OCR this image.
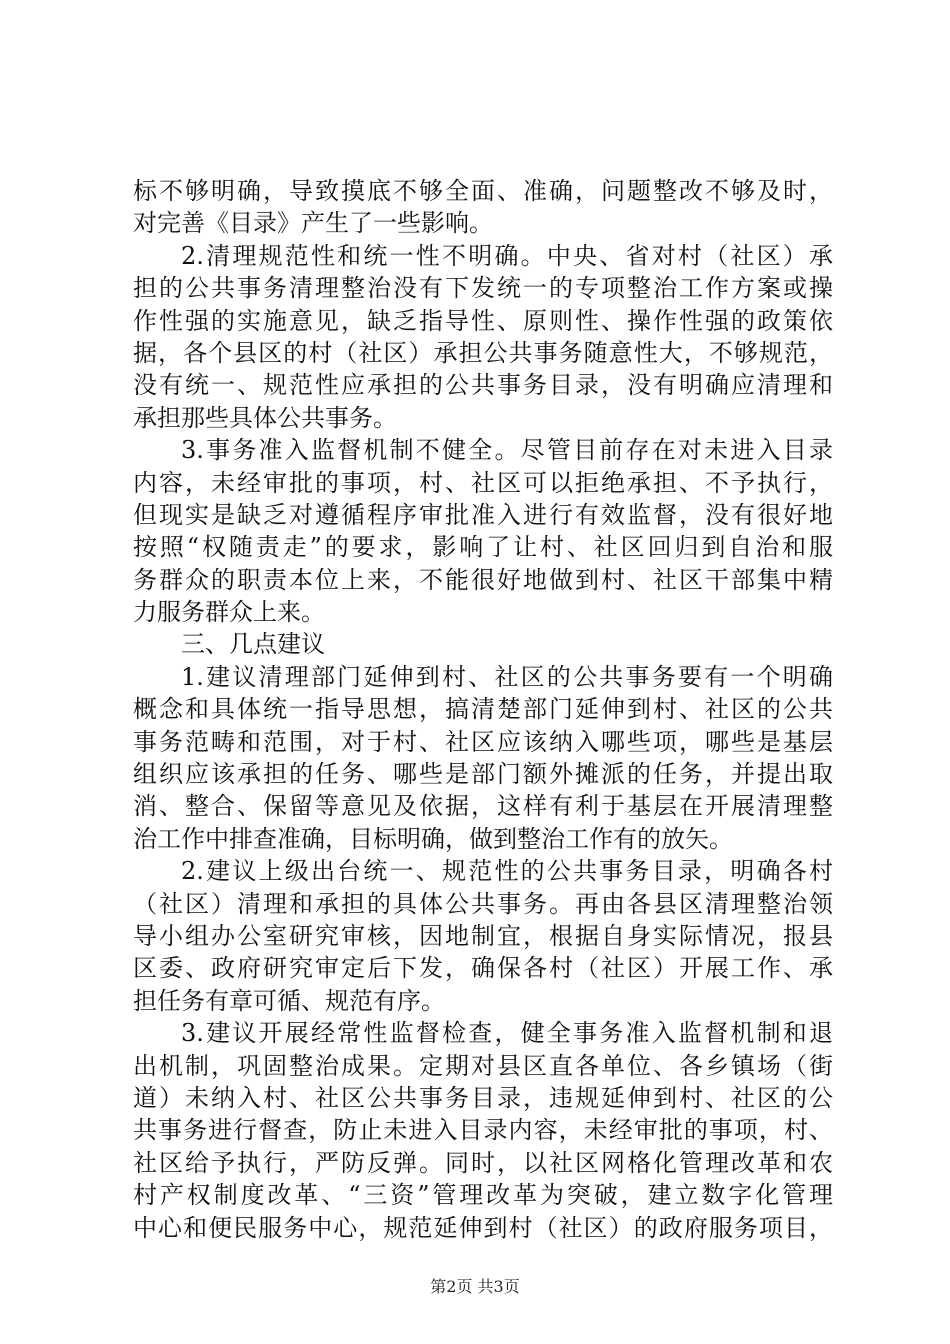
标不够明确，导致摸底不够全面、准确，问题整改不够及时，
对完善《目录》产生了一些影响。
2.清理规范性和统一性不明确。中央、省对村（社区）承
担的公共事务清理整治没有下发统一的专项整治工作方案或操
作性强的实施意见，缺乏指导性、原则性、操作性强的政策依
据，各个县区的村（社区）承担公共事务随意性大，不够规范，
没有统一、规范性应承担的公共事务目录，没有明确应清理和
承担那些具体公共事务。
3.事务准入监督机制不健全。尽管目前存在对未进入目录
内容，未经审批的事项，村、社区可以拒绝承担、不予执行，
但现实是缺乏对遵循程序审批准入进行有效监督，没有很好地
按照“权随责走”的要求，影响了让村、社区回归到自治和服
务群众的职责本位上来，不能很好地做到村、社区干部集中精
力服务群众上来。
三、几点建议
1.建议清理部门延伸到村、社区的公共事务要有一个明确
概念和具体统一指导思想，搞清楚部门延伸到村、社区的公共
事务范畴和范围，对于村、社区应该纳入哪些项，哪些是基层
组织应该承担的任务、哪些是部门额外摊派的任务，并提出取
消、整合、保留等意见及依据，这样有利于基层在开展清理整
治工作中排查准确，目标明确，做到整治工作有的放矢。
2.建议上级出台统一、规范性的公共事务目录，明确各村
（社区）清理和承担的具体公共事务。再由各县区清理整治领
导小组办公室研究审核，因地制宜，根据自身实际情况，报县
区委、政府研究审定后下发，确保各村（社区）开展工作、承
担任务有章可循、规范有序。
3.建议开展经常性监督检查，健全事务准入监督机制和退
出机制，巩固整治成果。定期对县区直各单位、各乡镇场（街
道）未纳入村、社区公共事务目录，违规延伸到村、社区的公
共事务进行督查，防止未进入目录内容，未经审批的事项，村、
社区给予执行，严防反弹。同时，以社区网格化管理改革和农
村产权制度改革、“三资”管理改革为突破，建立数字化管理
中心和便民服务中心，规范延伸到村（社区）的政府服务项目，
第2页 共3页
